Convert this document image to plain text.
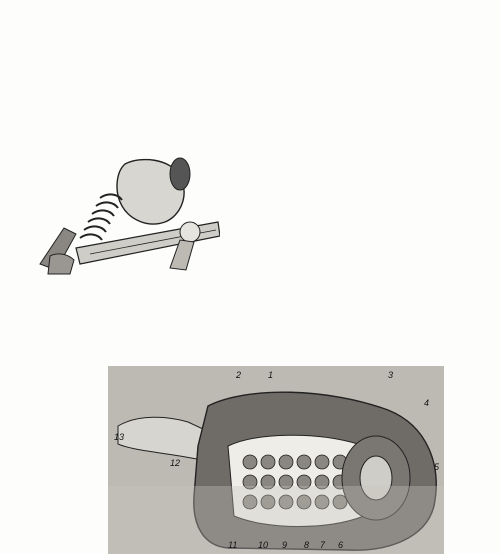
1
2	3
4
5
6
7
8
9
10
11
12
13
